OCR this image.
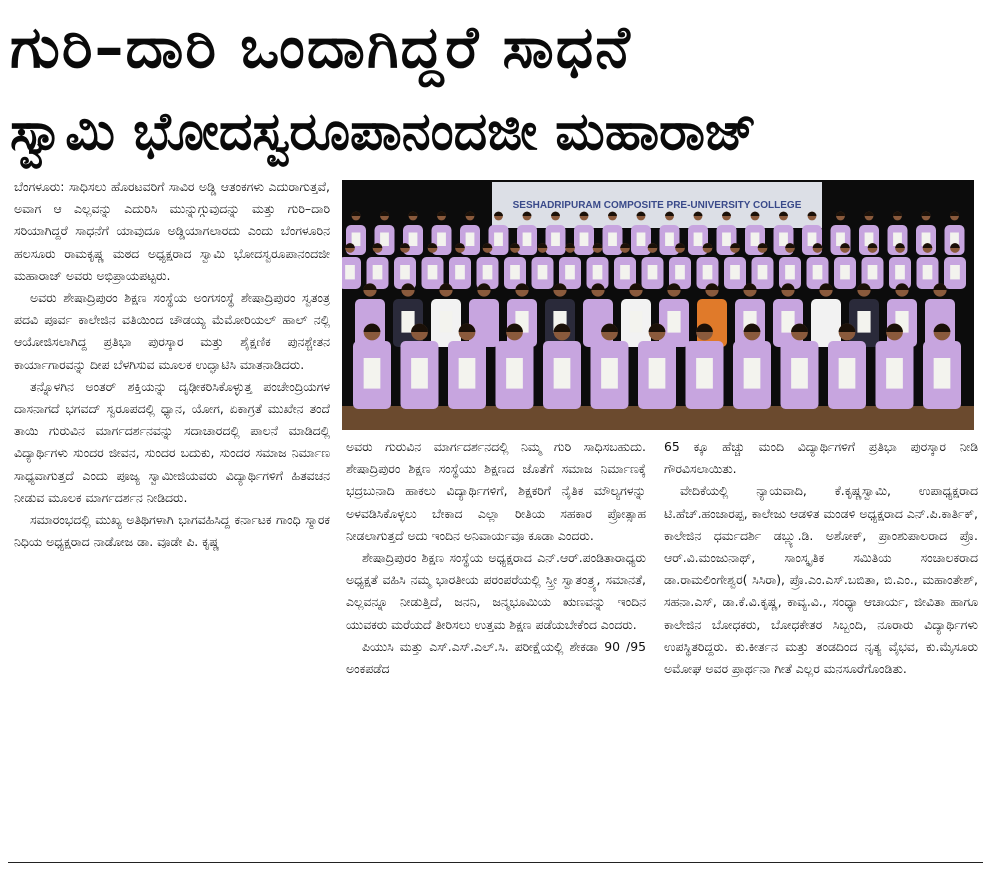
ಗುರಿ–ದಾರಿ ಒಂದಾಗಿದ್ದರೆ ಸಾಧನೆ
ಸ್ವಾಮಿ ಭೋದಸ್ವರೂಪಾನಂದಜೀ ಮಹಾರಾಜ್

ಬೆಂಗಳೂರು: ಸಾಧಿಸಲು ಹೊರಟವರಿಗೆ ಸಾವಿರ ಅಡ್ಡಿ ಆತಂಕಗಳು ಎದುರಾಗುತ್ತವೆ, ಅವಾಗ ಆ ಎಲ್ಲವನ್ನು ಎದುರಿಸಿ ಮುನ್ನುಗ್ಗುವುದನ್ನು ಮತ್ತು ಗುರಿ–ದಾರಿ ಸರಿಯಾಗಿದ್ದರೆ ಸಾಧನೆಗೆ ಯಾವುದೂ ಅಡ್ಡಿಯಾಗಲಾರದು ಎಂದು ಬೆಂಗಳೂರಿನ ಹಲಸೂರು ರಾಮಕೃಷ್ಣ ಮಠದ ಅಧ್ಯಕ್ಷರಾದ ಸ್ವಾಮಿ ಭೋದಸ್ವರೂಪಾನಂದಜೀ ಮಹಾರಾಜ್ ಅವರು ಅಭಿಪ್ರಾಯಪಟ್ಟರು.

ಅವರು ಶೇಷಾದ್ರಿಪುರಂ ಶಿಕ್ಷಣ ಸಂಸ್ಥೆಯ ಅಂಗಸಂಸ್ಥೆ ಶೇಷಾದ್ರಿಪುರಂ ಸ್ವತಂತ್ರ ಪದವಿ ಪೂರ್ವ ಕಾಲೇಜಿನ ವತಿಯಿಂದ ಚೌಡಯ್ಯ ಮೆಮೋರಿಯಲ್ ಹಾಲ್ ನಲ್ಲಿ ಆಯೋಜಿಸಲಾಗಿದ್ದ ಪ್ರತಿಭಾ ಪುರಸ್ಕಾರ ಮತ್ತು ಶೈಕ್ಷಣಿಕ ಪುನಶ್ಚೇತನ ಕಾರ್ಯಾಗಾರವನ್ನು ದೀಪ ಬೆಳಗಿಸುವ ಮೂಲಕ ಉದ್ಘಾಟಿಸಿ ಮಾತನಾಡಿದರು.

ತನ್ನೊಳಗಿನ ಅಂತರ್ ಶಕ್ತಿಯನ್ನು ದೃಢೀಕರಿಸಿಕೊಳ್ಳುತ್ತ ಪಂಚೇಂದ್ರಿಯಗಳ ದಾಸನಾಗದೆ ಭಗವದ್ ಸ್ವರೂಪದಲ್ಲಿ ಧ್ಯಾನ, ಯೋಗ, ಏಕಾಗ್ರತೆ ಮುಖೇನ ತಂದೆ ತಾಯಿ ಗುರುವಿನ ಮಾರ್ಗದರ್ಶನವನ್ನು ಸದಾಚಾರದಲ್ಲಿ ಪಾಲನೆ ಮಾಡಿದಲ್ಲಿ ವಿದ್ಯಾರ್ಥಿಗಳು ಸುಂದರ ಜೀವನ, ಸುಂದರ ಬದುಕು, ಸುಂದರ ಸಮಾಜ ನಿರ್ಮಾಣ ಸಾಧ್ಯವಾಗುತ್ತದೆ ಎಂದು ಪೂಜ್ಯ ಸ್ವಾಮೀಜಿಯವರು ವಿದ್ಯಾರ್ಥಿಗಳಿಗೆ ಹಿತವಚನ ನೀಡುವ ಮೂಲಕ ಮಾರ್ಗದರ್ಶನ ನೀಡಿದರು.

ಸಮಾರಂಭದಲ್ಲಿ ಮುಖ್ಯ ಅತಿಥಿಗಳಾಗಿ ಭಾಗವಹಿಸಿದ್ದ ಕರ್ನಾಟಕ ಗಾಂಧಿ ಸ್ಮಾರಕ ನಿಧಿಯ ಅಧ್ಯಕ್ಷರಾದ ನಾಡೋಜ ಡಾ. ವೂಡೇ ಪಿ. ಕೃಷ್ಣ

SESHADRIPURAM COMPOSITE PRE-UNIVERSITY COLLEGE

ಅವರು ಗುರುವಿನ ಮಾರ್ಗದರ್ಶನದಲ್ಲಿ ನಿಮ್ಮ ಗುರಿ ಸಾಧಿಸಬಹುದು. ಶೇಷಾದ್ರಿಪುರಂ ಶಿಕ್ಷಣ ಸಂಸ್ಥೆಯು ಶಿಕ್ಷಣದ ಜೊತೆಗೆ ಸಮಾಜ ನಿರ್ಮಾಣಕ್ಕೆ ಭದ್ರಬುನಾದಿ ಹಾಕಲು ವಿದ್ಯಾರ್ಥಿಗಳಿಗೆ, ಶಿಕ್ಷಕರಿಗೆ ನೈತಿಕ ಮೌಲ್ಯಗಳನ್ನು ಅಳವಡಿಸಿಕೊಳ್ಳಲು ಬೇಕಾದ ಎಲ್ಲಾ ರೀತಿಯ ಸಹಕಾರ ಪ್ರೋತ್ಸಾಹ ನೀಡಲಾಗುತ್ತದೆ ಅದು ಇಂದಿನ ಅನಿವಾರ್ಯವೂ ಕೂಡಾ ಎಂದರು.

ಶೇಷಾದ್ರಿಪುರಂ ಶಿಕ್ಷಣ ಸಂಸ್ಥೆಯ ಅಧ್ಯಕ್ಷರಾದ ಎನ್.ಆರ್.ಪಂಡಿತಾರಾಧ್ಯರು ಅಧ್ಯಕ್ಷತೆ ವಹಿಸಿ ನಮ್ಮ ಭಾರತೀಯ ಪರಂಪರೆಯಲ್ಲಿ ಸ್ತ್ರೀ ಸ್ವಾತಂತ್ರ್ಯ, ಸಮಾನತೆ, ಎಲ್ಲವನ್ನೂ ನೀಡುತ್ತಿದೆ, ಜನನಿ, ಜನ್ಮಭೂಮಿಯ ಋಣವನ್ನು ಇಂದಿನ ಯುವಕರು ಮರೆಯದೆ ತೀರಿಸಲು ಉತ್ತಮ ಶಿಕ್ಷಣ ಪಡೆಯಬೇಕೆಂದ ಎಂದರು.

ಪಿಯುಸಿ ಮತ್ತು ಎಸ್.ಎಸ್.ಎಲ್.ಸಿ. ಪರೀಕ್ಷೆಯಲ್ಲಿ ಶೇಕಡಾ 90 /95 ಅಂಕಪಡೆದ

65 ಕ್ಕೂ ಹೆಚ್ಚು ಮಂದಿ ವಿದ್ಯಾರ್ಥಿಗಳಿಗೆ ಪ್ರತಿಭಾ ಪುರಸ್ಕಾರ ನೀಡಿ ಗೌರವಿಸಲಾಯಿತು.

ವೇದಿಕೆಯಲ್ಲಿ ನ್ಯಾಯವಾದಿ, ಕೆ.ಕೃಷ್ಣಸ್ವಾಮಿ, ಉಪಾಧ್ಯಕ್ಷರಾದ ಟಿ.ಹೆಚ್.ಹಂಜಾರಪ್ಪ, ಕಾಲೇಜು ಆಡಳಿತ ಮಂಡಳಿ ಅಧ್ಯಕ್ಷರಾದ ಎನ್.ಪಿ.ಕಾರ್ತಿಕ್, ಕಾಲೇಜಿನ ಧರ್ಮದರ್ಶಿ ಡಬ್ಲ್ಯು.ಡಿ. ಅಶೋಕ್, ಪ್ರಾಂಶುಪಾಲರಾದ ಪ್ರೊ. ಆರ್.ವಿ.ಮಂಜುನಾಥ್, ಸಾಂಸ್ಕೃತಿಕ ಸಮಿತಿಯ ಸಂಚಾಲಕರಾದ ಡಾ.ರಾಮಲಿಂಗೇಶ್ವರ( ಸಿಸಿರಾ), ಪ್ರೊ.ಎಂ.ಎಸ್.ಬಬಿತಾ, ಬಿ.ಎಂ., ಮಹಾಂತೇಶ್, ಸಹನಾ.ಎಸ್, ಡಾ.ಕೆ.ವಿ.ಕೃಷ್ಣ, ಕಾವ್ಯ.ವಿ., ಸಂಧ್ಯಾ ಆಚಾರ್ಯ, ಜೀವಿತಾ ಹಾಗೂ ಕಾಲೇಜಿನ ಬೋಧಕರು, ಬೋಧಕೇತರ ಸಿಬ್ಬಂದಿ, ನೂರಾರು ವಿದ್ಯಾರ್ಥಿಗಳು ಉಪಸ್ಥಿತರಿದ್ದರು. ಕು.ಕೀರ್ತನ ಮತ್ತು ತಂಡದಿಂದ ನೃತ್ಯ ವೈಭವ, ಕು.ಮೈಸೂರು ಅಮೋಘ ಅವರ ಪ್ರಾರ್ಥನಾ ಗೀತೆ ಎಲ್ಲರ ಮನಸೂರೆಗೊಂಡಿತು.
